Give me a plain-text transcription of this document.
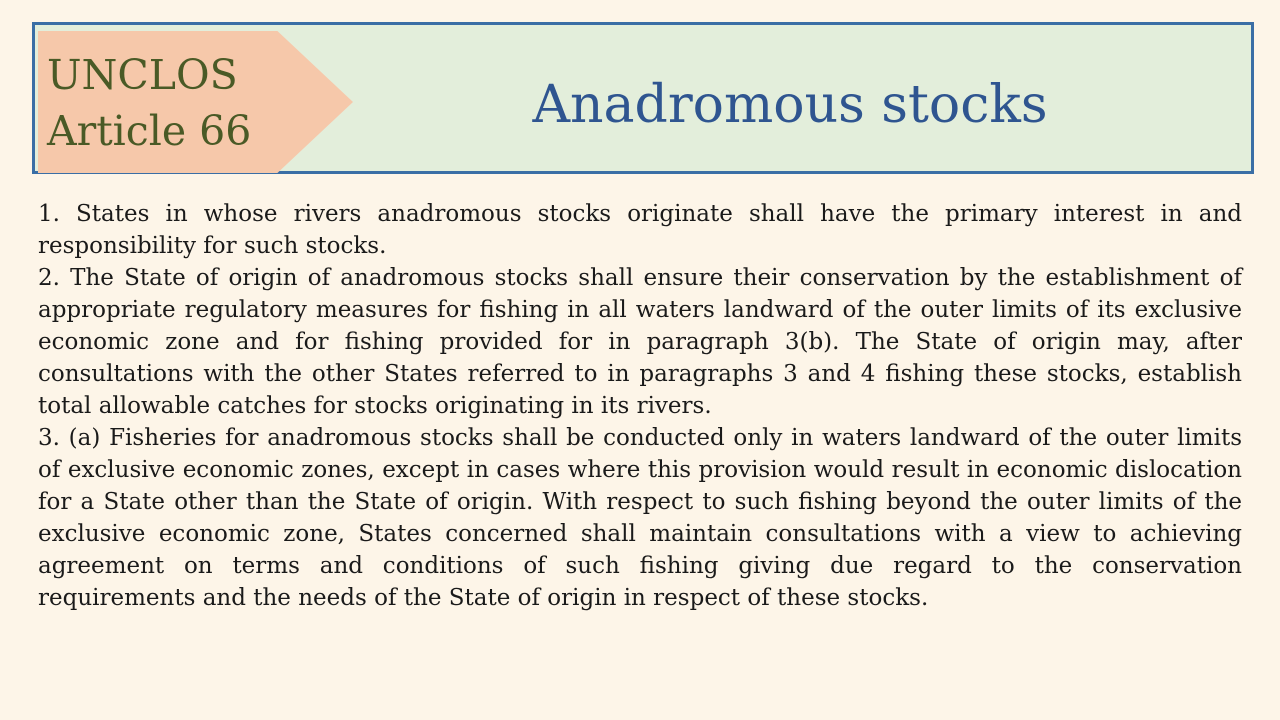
UNCLOS
Article 66	Anadromous stocks

1. States in whose rivers anadromous stocks originate shall have the primary interest in and responsibility for such stocks.

2. The State of origin of anadromous stocks shall ensure their conservation by the establishment of appropriate regulatory measures for fishing in all waters landward of the outer limits of its exclusive economic zone and for fishing provided for in paragraph 3(b). The State of origin may, after consultations with the other States referred to in paragraphs 3 and 4 fishing these stocks, establish total allowable catches for stocks originating in its rivers.

3. (a) Fisheries for anadromous stocks shall be conducted only in waters landward of the outer limits of exclusive economic zones, except in cases where this provision would result in economic dislocation for a State other than the State of origin. With respect to such fishing beyond the outer limits of the exclusive economic zone, States concerned shall maintain consultations with a view to achieving agreement on terms and conditions of such fishing giving due regard to the conservation requirements and the needs of the State of origin in respect of these stocks.
